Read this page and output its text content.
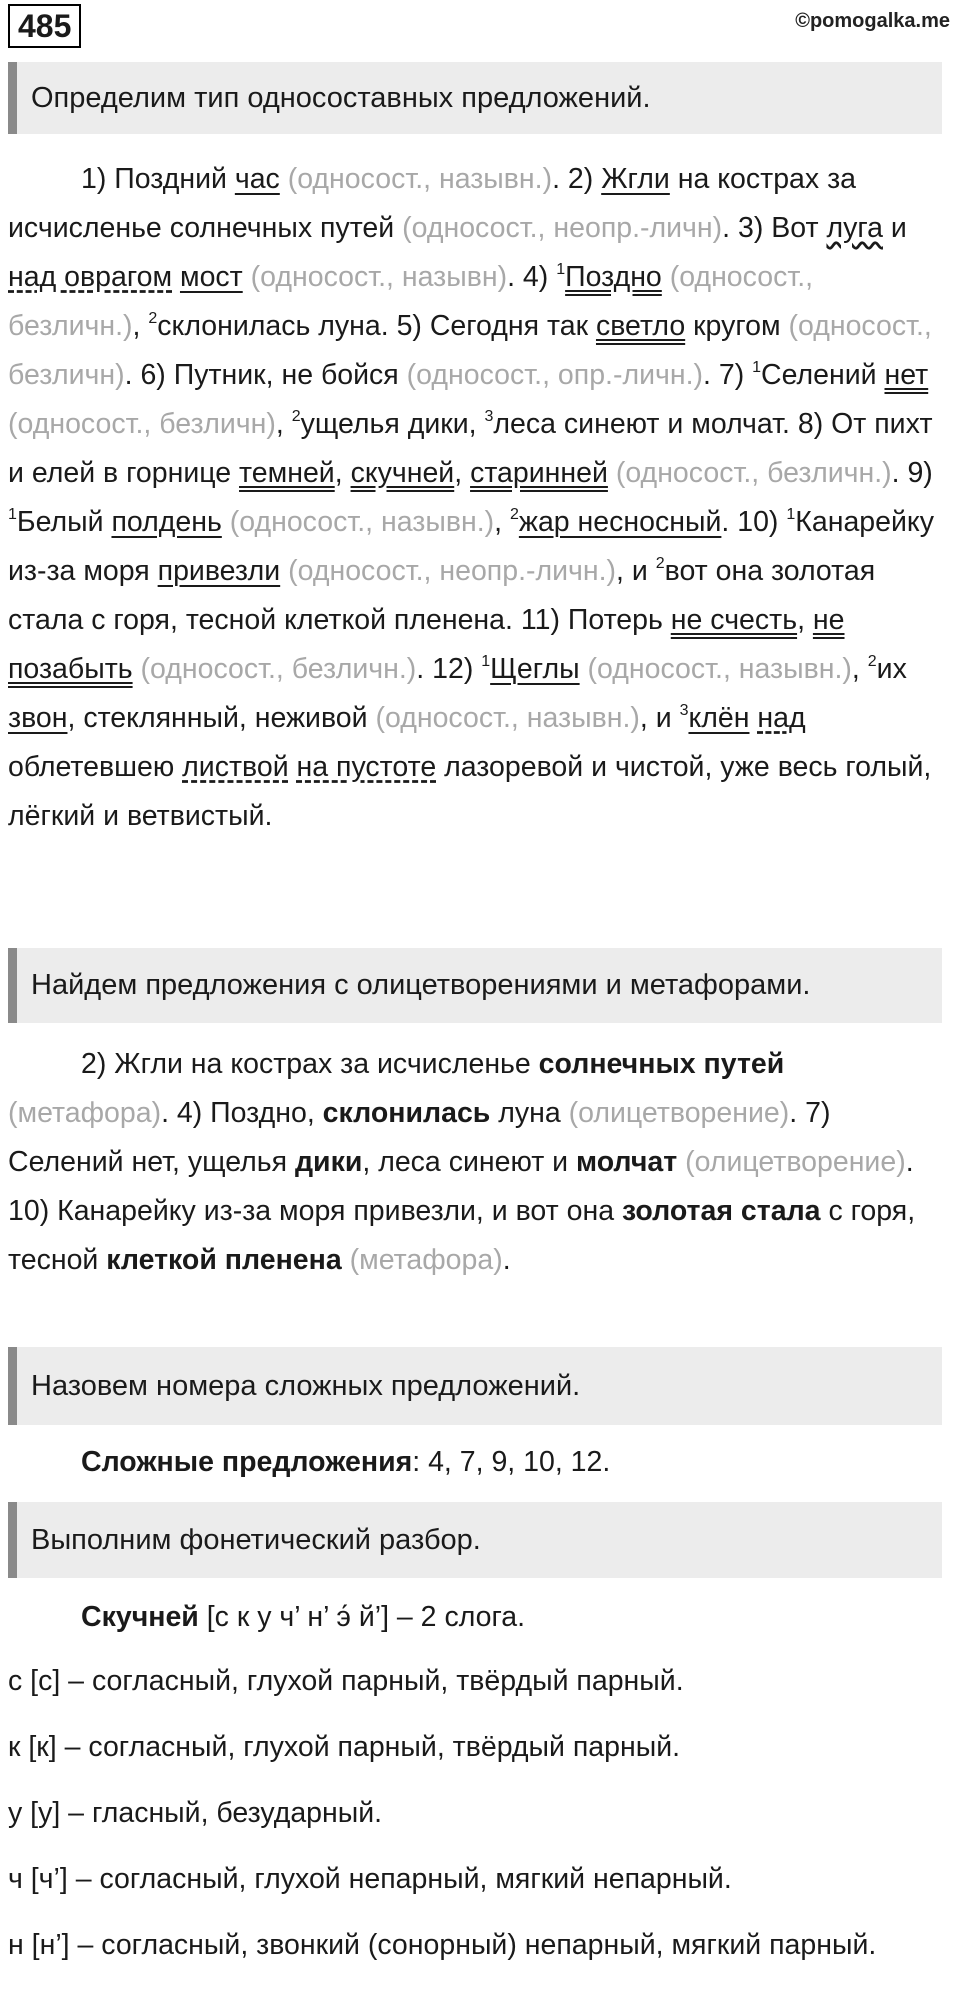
485	©pomogalka.me
Определим тип односоставных предложений.

1) Поздний час (односост., назывн.). 2) Жгли на кострах за исчисленье солнечных путей (односост., неопр.-личн). 3) Вот луга и над оврагом мост (односост., назывн). 4) $^1$Поздно (односост., безличн.), $^2$склонилась луна. 5) Сегодня так светло кругом (односост., безличн). 6) Путник, не бойся (односост., опр.-личн.). 7) $^1$Селений нет (односост., безличн), $^2$ущелья дики, $^3$леса синеют и молчат. 8) От пихт и елей в горнице темней, скучней, старинней (односост., безличн.). 9) $^1$Белый полдень (односост., назывн.), $^2$жар несносный. 10) $^1$Канарейку из-за моря привезли (односост., неопр.-личн.), и $^2$вот она золотая стала с горя, тесной клеткой пленена. 11) Потерь не счесть, не позабыть (односост., безличн.). 12) $^1$Щеглы (односост., назывн.), $^2$их звон, стеклянный, неживой (односост., назывн.), и $^3$клён над облетевшею листвой на пустоте лазоревой и чистой, уже весь голый, лёгкий и ветвистый.

Найдем предложения с олицетворениями и метафорами.

2) Жгли на кострах за исчисленье солнечных путей (метафора). 4) Поздно, склонилась луна (олицетворение). 7) Селений нет, ущелья дики, леса синеют и молчат (олицетворение). 10) Канарейку из-за моря привезли, и вот она золотая стала с горя, тесной клеткой пленена (метафора).

Назовем номера сложных предложений.

Сложные предложения: 4, 7, 9, 10, 12.

Выполним фонетический разбор.

Скучней [с к у ч’ н’ э́ й’] – 2 слога.

с [с] – согласный, глухой парный, твёрдый парный.

к [к] – согласный, глухой парный, твёрдый парный.

у [у] – гласный, безударный.

ч [ч’] – согласный, глухой непарный, мягкий непарный.

н [н’] – согласный, звонкий (сонорный) непарный, мягкий парный.
